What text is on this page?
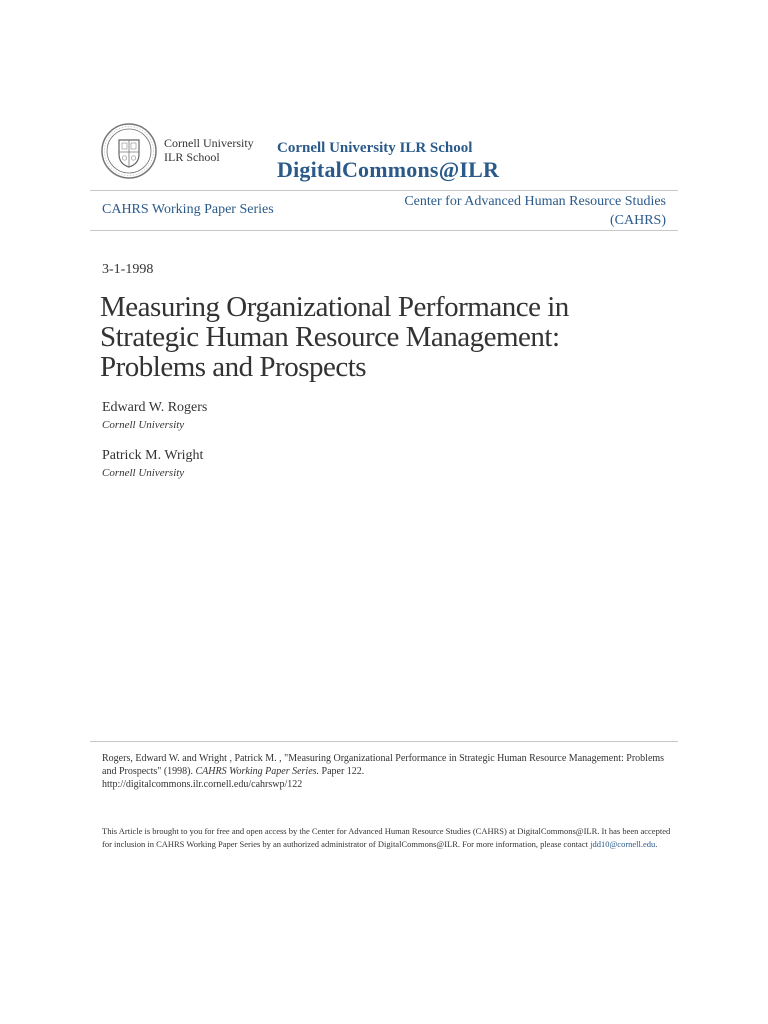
Cornell University
ILR School
Cornell University ILR School
DigitalCommons@ILR
CAHRS Working Paper Series
Center for Advanced Human Resource Studies
(CAHRS)
3-1-1998
Measuring Organizational Performance in Strategic Human Resource Management: Problems and Prospects
Edward W. Rogers
Cornell University
Patrick M. Wright
Cornell University
Rogers, Edward W. and Wright , Patrick M. , "Measuring Organizational Performance in Strategic Human Resource Management: Problems and Prospects" (1998). CAHRS Working Paper Series. Paper 122.
http://digitalcommons.ilr.cornell.edu/cahrswp/122
This Article is brought to you for free and open access by the Center for Advanced Human Resource Studies (CAHRS) at DigitalCommons@ILR. It has been accepted for inclusion in CAHRS Working Paper Series by an authorized administrator of DigitalCommons@ILR. For more information, please contact jdd10@cornell.edu.
